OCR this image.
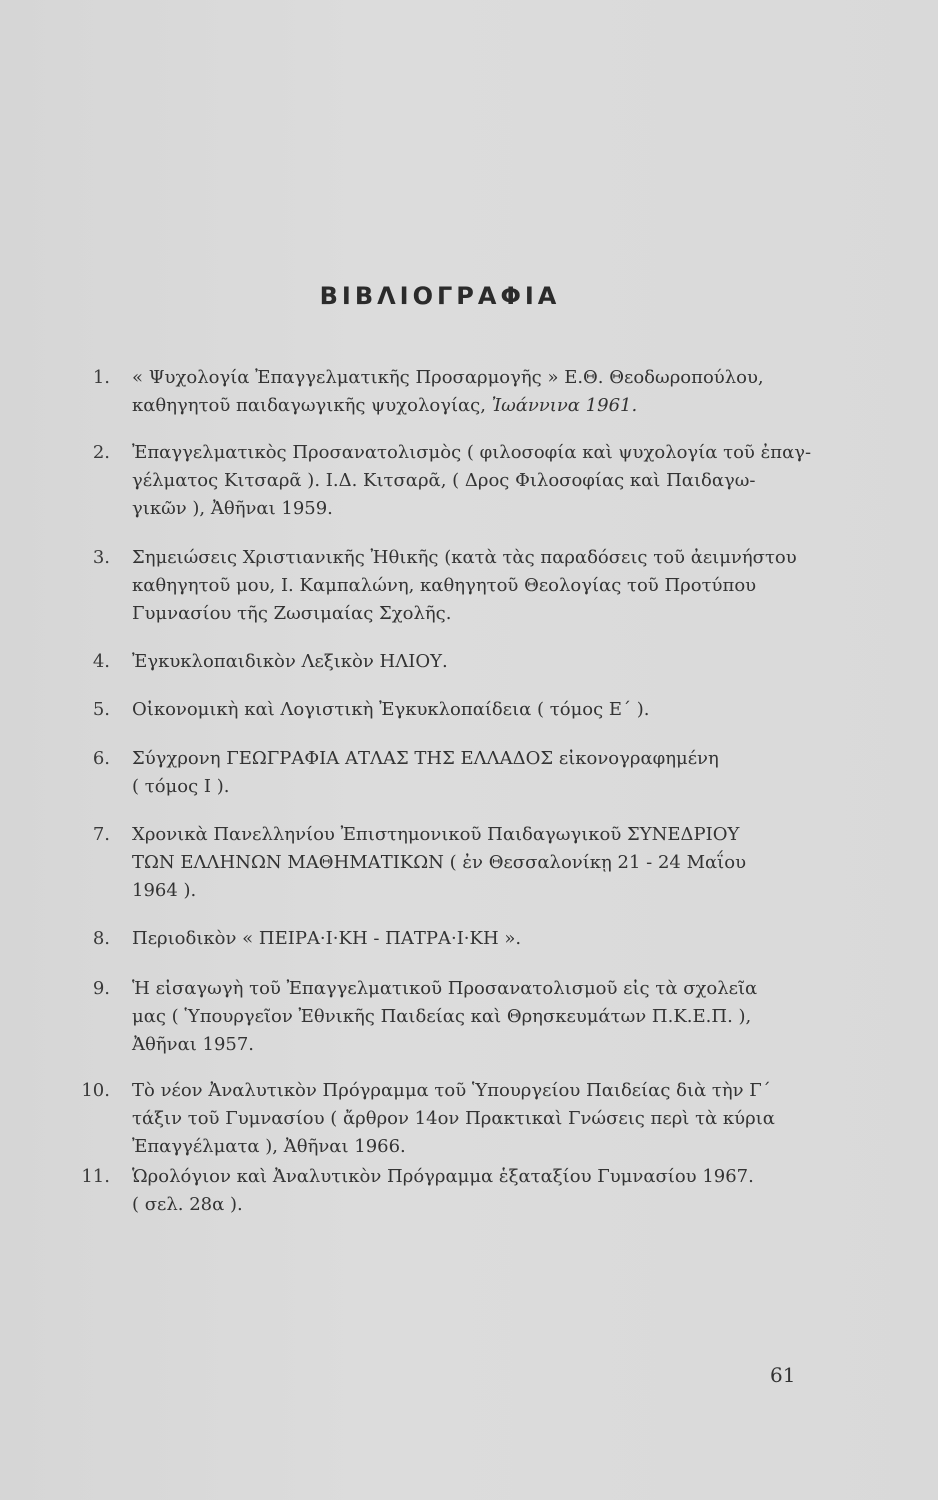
ΒΙΒΛΙΟΓΡΑΦΙΑ
1. « Ψυχολογία Ἐπαγγελματικῆς Προσαρμογῆς » Ε.Θ. Θεοδωροπούλου,
καθηγητοῦ παιδαγωγικῆς ψυχολογίας, Ἰωάννινα 1961.
2. Ἐπαγγελματικὸς Προσανατολισμὸς ( φιλοσοφία καὶ ψυχολογία τοῦ ἐπαγ-
γέλματος Κιτσαρᾶ ). Ι.Δ. Κιτσαρᾶ, ( Δρος Φιλοσοφίας καὶ Παιδαγω-
γικῶν ), Ἀθῆναι 1959.
3. Σημειώσεις Χριστιανικῆς Ἠθικῆς (κατὰ τὰς παραδόσεις τοῦ ἀειμνήστου
καθηγητοῦ μου, Ι. Καμπαλώνη, καθηγητοῦ Θεολογίας τοῦ Προτύπου
Γυμνασίου τῆς Ζωσιμαίας Σχολῆς.
4. Ἐγκυκλοπαιδικὸν Λεξικὸν ΗΛΙΟΥ.
5. Οἰκονομικὴ καὶ Λογιστικὴ Ἐγκυκλοπαίδεια ( τόμος Ε΄ ).
6. Σύγχρονη ΓΕΩΓΡΑΦΙΑ ΑΤΛΑΣ ΤΗΣ ΕΛΛΑΔΟΣ εἰκονογραφημένη
( τόμος Ι ).
7. Χρονικὰ Πανελληνίου Ἐπιστημονικοῦ Παιδαγωγικοῦ ΣΥΝΕΔΡΙΟΥ
ΤΩΝ ΕΛΛΗΝΩΝ ΜΑΘΗΜΑΤΙΚΩΝ ( ἐν Θεσσαλονίκῃ 21 - 24 Μαΐου
1964 ).
8. Περιοδικὸν « ΠΕΙΡΑ·Ι·ΚΗ - ΠΑΤΡΑ·Ι·ΚΗ ».
9. Ἡ εἰσαγωγὴ τοῦ Ἐπαγγελματικοῦ Προσανατολισμοῦ εἰς τὰ σχολεῖα
μας ( Ὑπουργεῖον Ἐθνικῆς Παιδείας καὶ Θρησκευμάτων Π.Κ.Ε.Π. ),
Ἀθῆναι 1957.
10. Τὸ νέον Ἀναλυτικὸν Πρόγραμμα τοῦ Ὑπουργείου Παιδείας διὰ τὴν Γ΄
τάξιν τοῦ Γυμνασίου ( ἄρθρον 14ον Πρακτικαὶ Γνώσεις περὶ τὰ κύρια
Ἐπαγγέλματα ), Ἀθῆναι 1966.
11. Ὡρολόγιον καὶ Ἀναλυτικὸν Πρόγραμμα ἑξαταξίου Γυμνασίου 1967.
( σελ. 28α ).
61
